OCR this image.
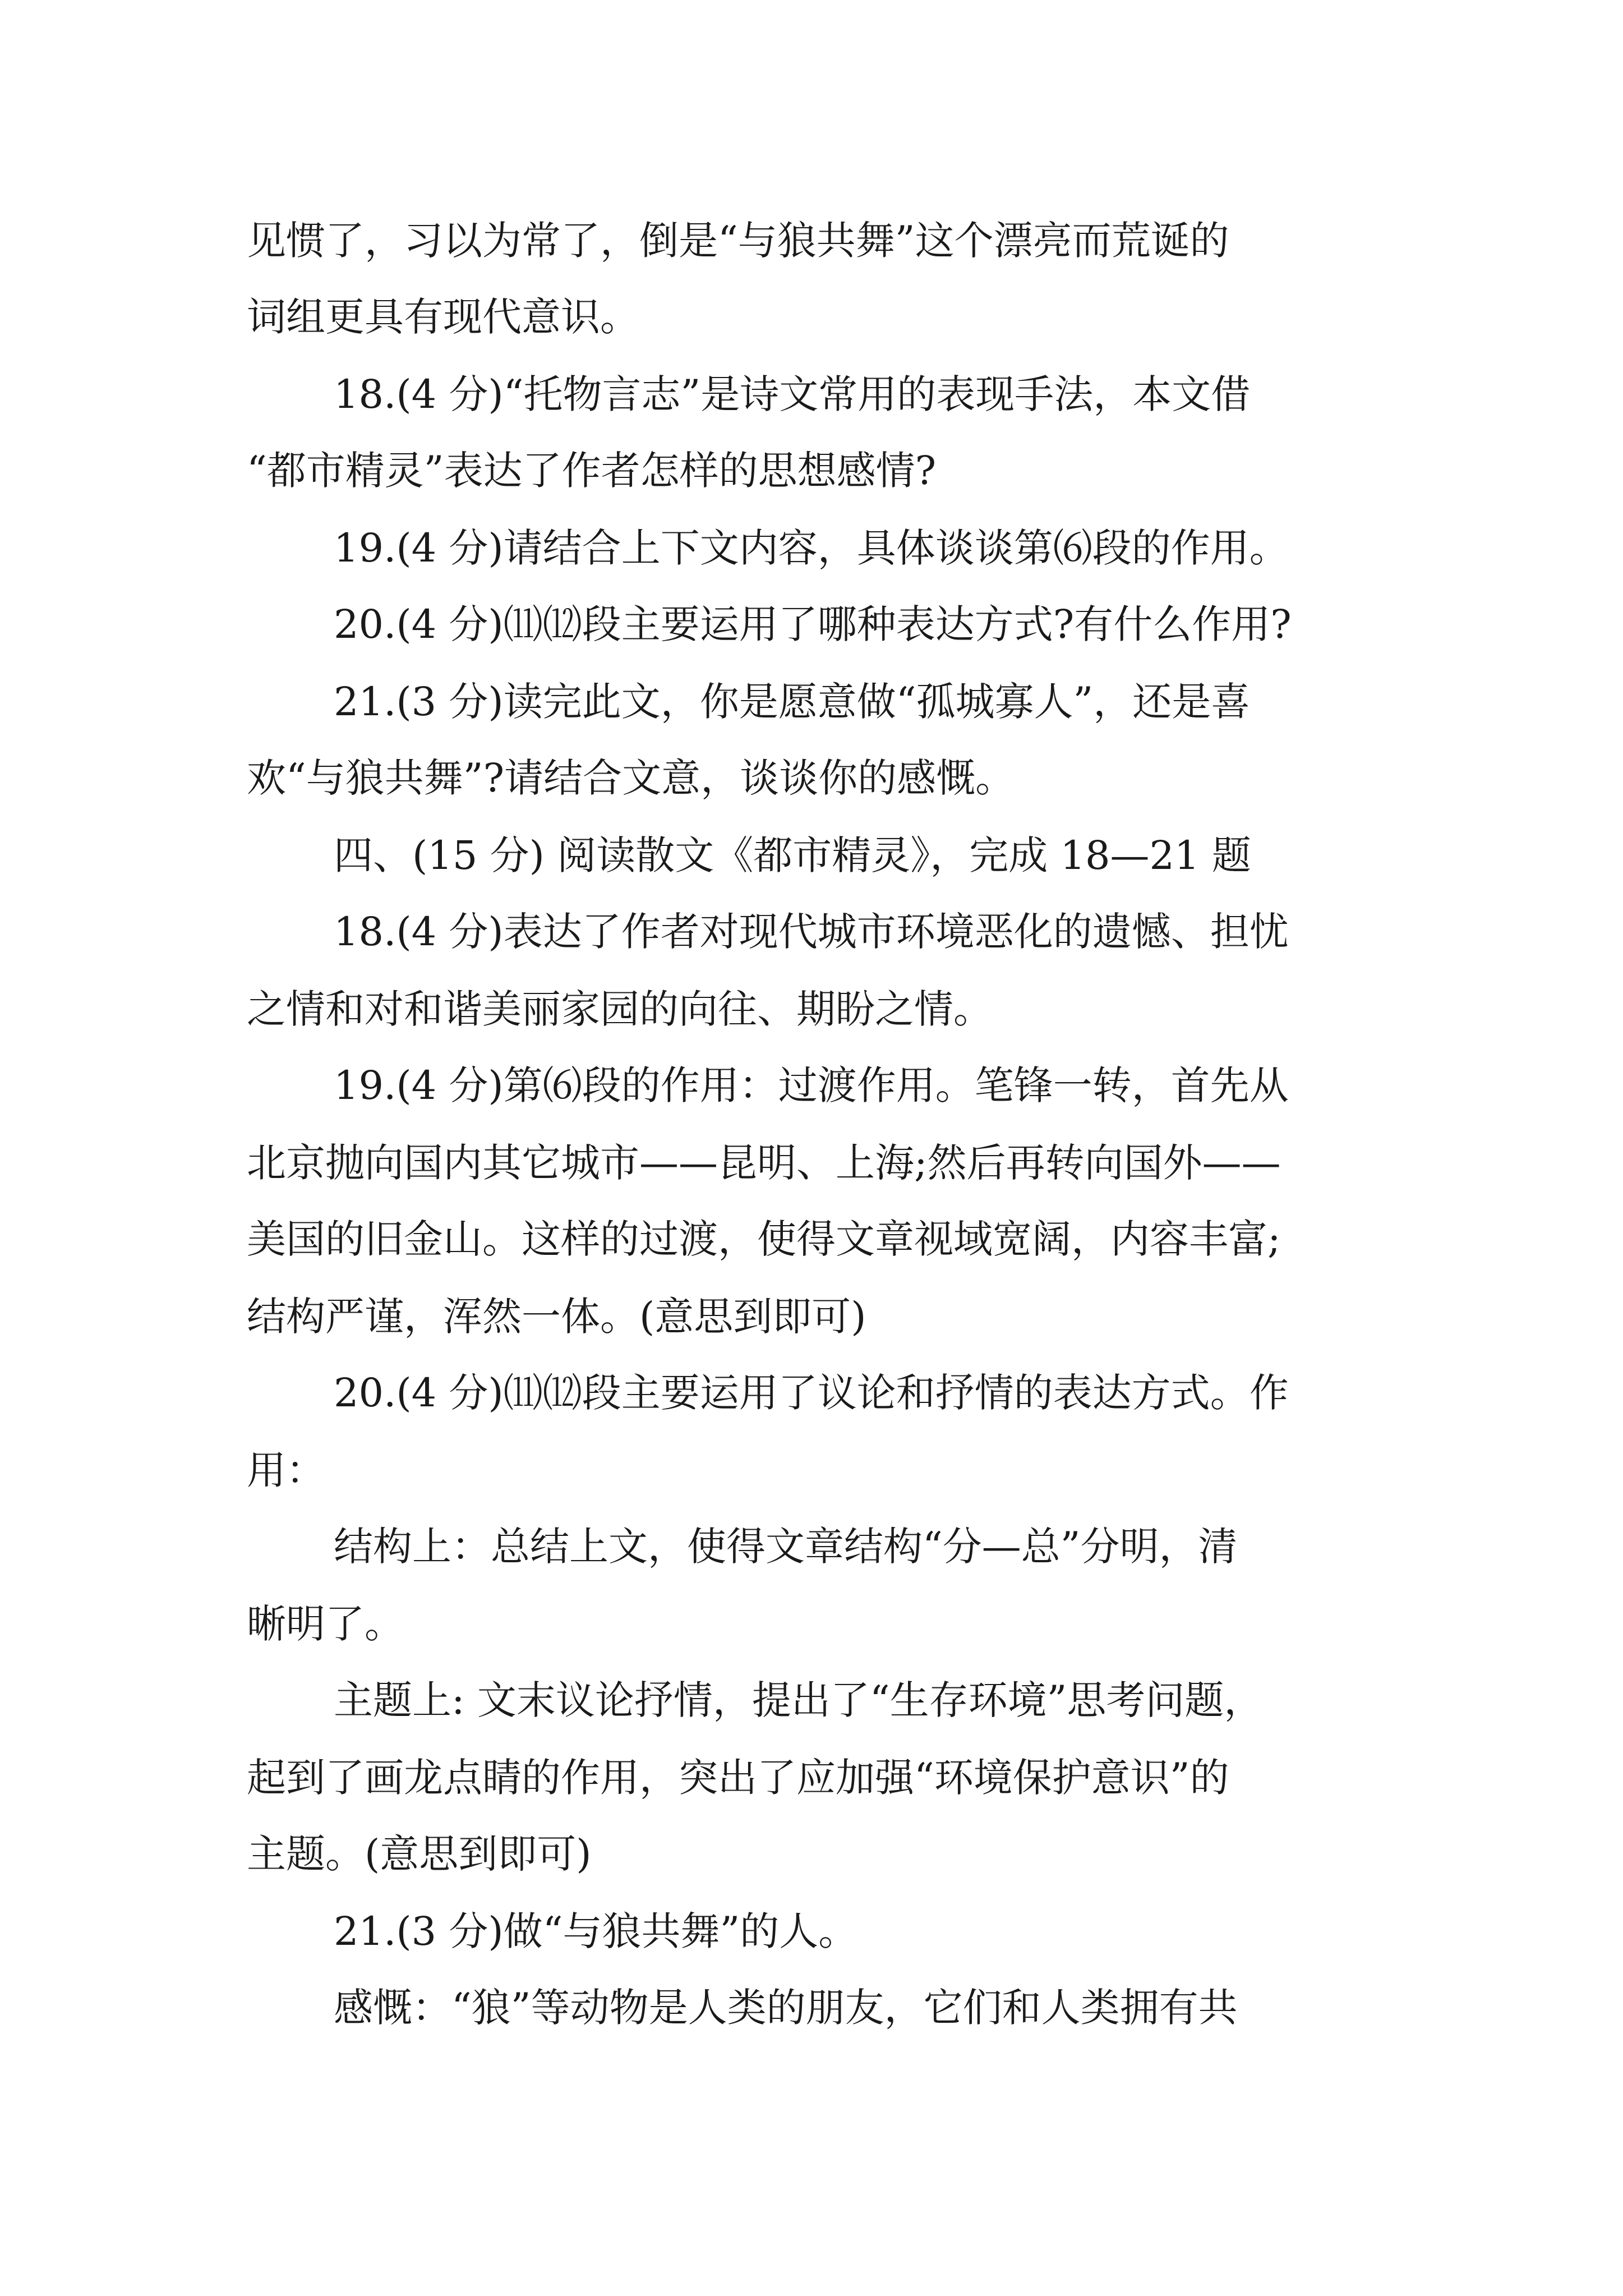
见惯了，习以为常了，倒是“与狼共舞”这个漂亮而荒诞的
词组更具有现代意识。
18.(4 分)“托物言志”是诗文常用的表现手法，本文借
“都市精灵”表达了作者怎样的思想感情?
19.(4 分)请结合上下文内容，具体谈谈第⑹段的作用。
20.(4 分)⑾⑿段主要运用了哪种表达方式?有什么作用?
21.(3 分)读完此文，你是愿意做“孤城寡人”，还是喜
欢“与狼共舞”?请结合文意，谈谈你的感慨。
四、(15 分) 阅读散文《都市精灵》，完成 18—21 题
18.(4 分)表达了作者对现代城市环境恶化的遗憾、担忧
之情和对和谐美丽家园的向往、期盼之情。
19.(4 分)第⑹段的作用：过渡作用。笔锋一转，首先从
北京抛向国内其它城市——昆明、上海;然后再转向国外——
美国的旧金山。这样的过渡，使得文章视域宽阔，内容丰富;
结构严谨，浑然一体。(意思到即可)
20.(4 分)⑾⑿段主要运用了议论和抒情的表达方式。作
用：
结构上：总结上文，使得文章结构“分—总”分明，清
晰明了。
主题上: 文末议论抒情，提出了“生存环境”思考问题，
起到了画龙点睛的作用，突出了应加强“环境保护意识”的
主题。(意思到即可)
21.(3 分)做“与狼共舞”的人。
感慨：“狼”等动物是人类的朋友，它们和人类拥有共
